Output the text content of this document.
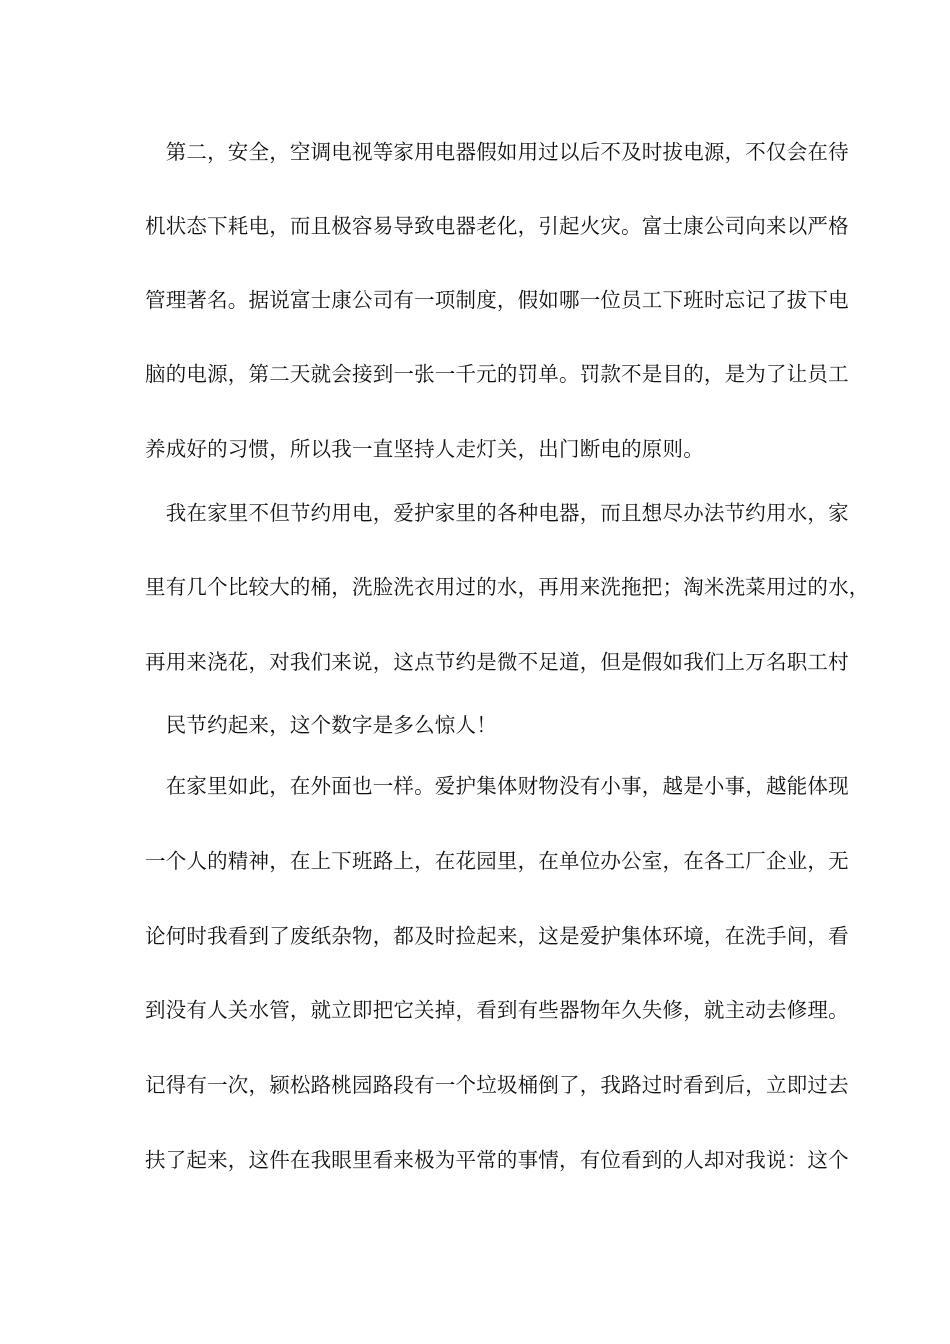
　第二，安全，空调电视等家用电器假如用过以后不及时拔电源，不仅会在待
机状态下耗电，而且极容易导致电器老化，引起火灾。富士康公司向来以严格
管理著名。据说富士康公司有一项制度，假如哪一位员工下班时忘记了拔下电
脑的电源，第二天就会接到一张一千元的罚单。罚款不是目的，是为了让员工
养成好的习惯，所以我一直坚持人走灯关，出门断电的原则。
　我在家里不但节约用电，爱护家里的各种电器，而且想尽办法节约用水，家
里有几个比较大的桶，洗脸洗衣用过的水，再用来洗拖把；淘米洗菜用过的水，
再用来浇花，对我们来说，这点节约是微不足道，但是假如我们上万名职工村
　民节约起来，这个数字是多么惊人！
　在家里如此，在外面也一样。爱护集体财物没有小事，越是小事，越能体现
一个人的精神，在上下班路上，在花园里，在单位办公室，在各工厂企业，无
论何时我看到了废纸杂物，都及时捡起来，这是爱护集体环境，在洗手间，看
到没有人关水管，就立即把它关掉，看到有些器物年久失修，就主动去修理。
记得有一次，颍松路桃园路段有一个垃圾桶倒了，我路过时看到后，立即过去
扶了起来，这件在我眼里看来极为平常的事情，有位看到的人却对我说：这个
